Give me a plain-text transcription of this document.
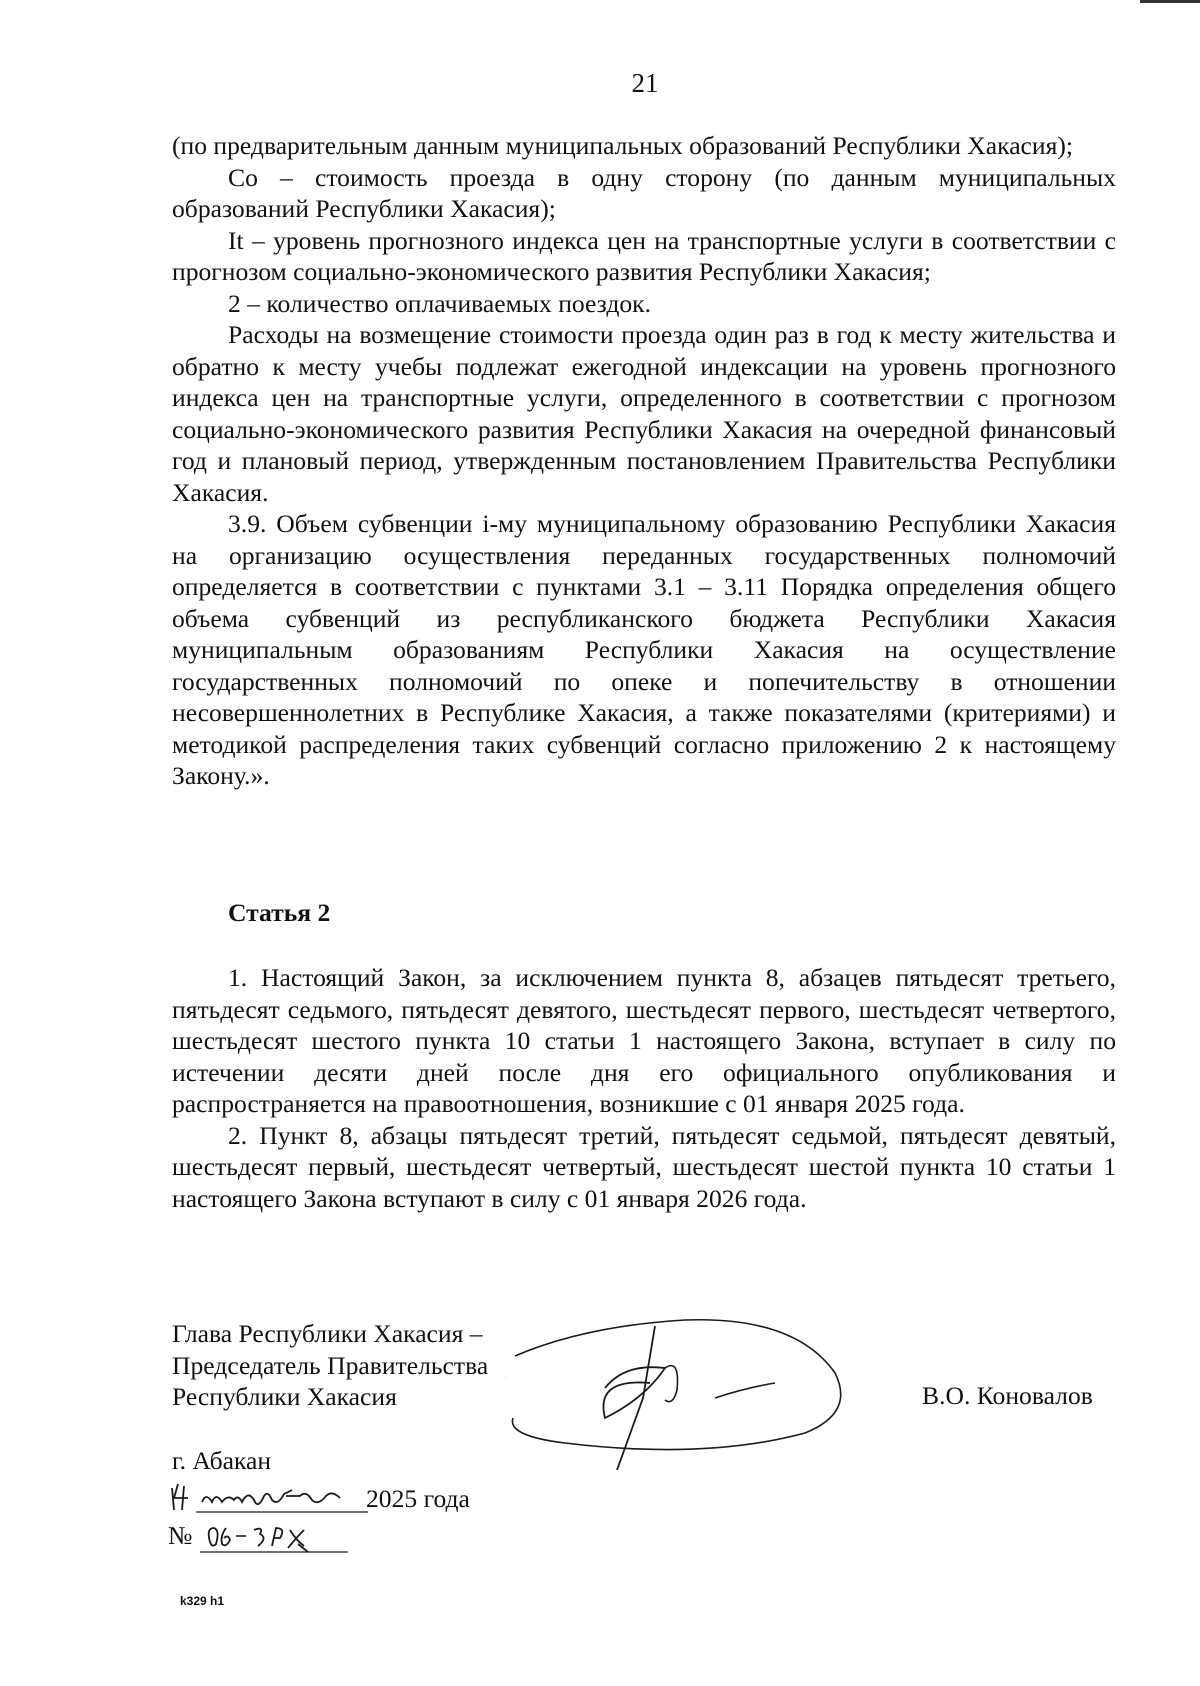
21

(по предварительным данным муниципальных образований Республики Хакасия);

Со – стоимость проезда в одну сторону (по данным муниципальных образований Республики Хакасия);

It – уровень прогнозного индекса цен на транспортные услуги в соответствии с прогнозом социально-экономического развития Республики Хакасия;

2 – количество оплачиваемых поездок.

Расходы на возмещение стоимости проезда один раз в год к месту жительства и обратно к месту учебы подлежат ежегодной индексации на уровень прогнозного индекса цен на транспортные услуги, определенного в соответствии с прогнозом социально-экономического развития Республики Хакасия на очередной финансовый год и плановый период, утвержденным постановлением Правительства Республики Хакасия.

3.9. Объем субвенции i-му муниципальному образованию Республики Хакасия на организацию осуществления переданных государственных полномочий определяется в соответствии с пунктами 3.1 – 3.11 Порядка определения общего объема субвенций из республиканского бюджета Республики Хакасия муниципальным образованиям Республики Хакасия на осуществление государственных полномочий по опеке и попечительству в отношении несовершеннолетних в Республике Хакасия, а также показателями (критериями) и методикой распределения таких субвенций согласно приложению 2 к настоящему Закону.».

Статья 2

1. Настоящий Закон, за исключением пункта 8, абзацев пятьдесят третьего, пятьдесят седьмого, пятьдесят девятого, шестьдесят первого, шестьдесят четвертого, шестьдесят шестого пункта 10 статьи 1 настоящего Закона, вступает в силу по истечении десяти дней после дня его официального опубликования и распространяется на правоотношения, возникшие с 01 января 2025 года.

2. Пункт 8, абзацы пятьдесят третий, пятьдесят седьмой, пятьдесят девятый, шестьдесят первый, шестьдесят четвертый, шестьдесят шестой пункта 10 статьи 1 настоящего Закона вступают в силу с 01 января 2026 года.

Глава Республики Хакасия –
Председатель Правительства
Республики Хакасия	В.О. Коновалов
г. Абакан
2025 года
№
k329 h1
